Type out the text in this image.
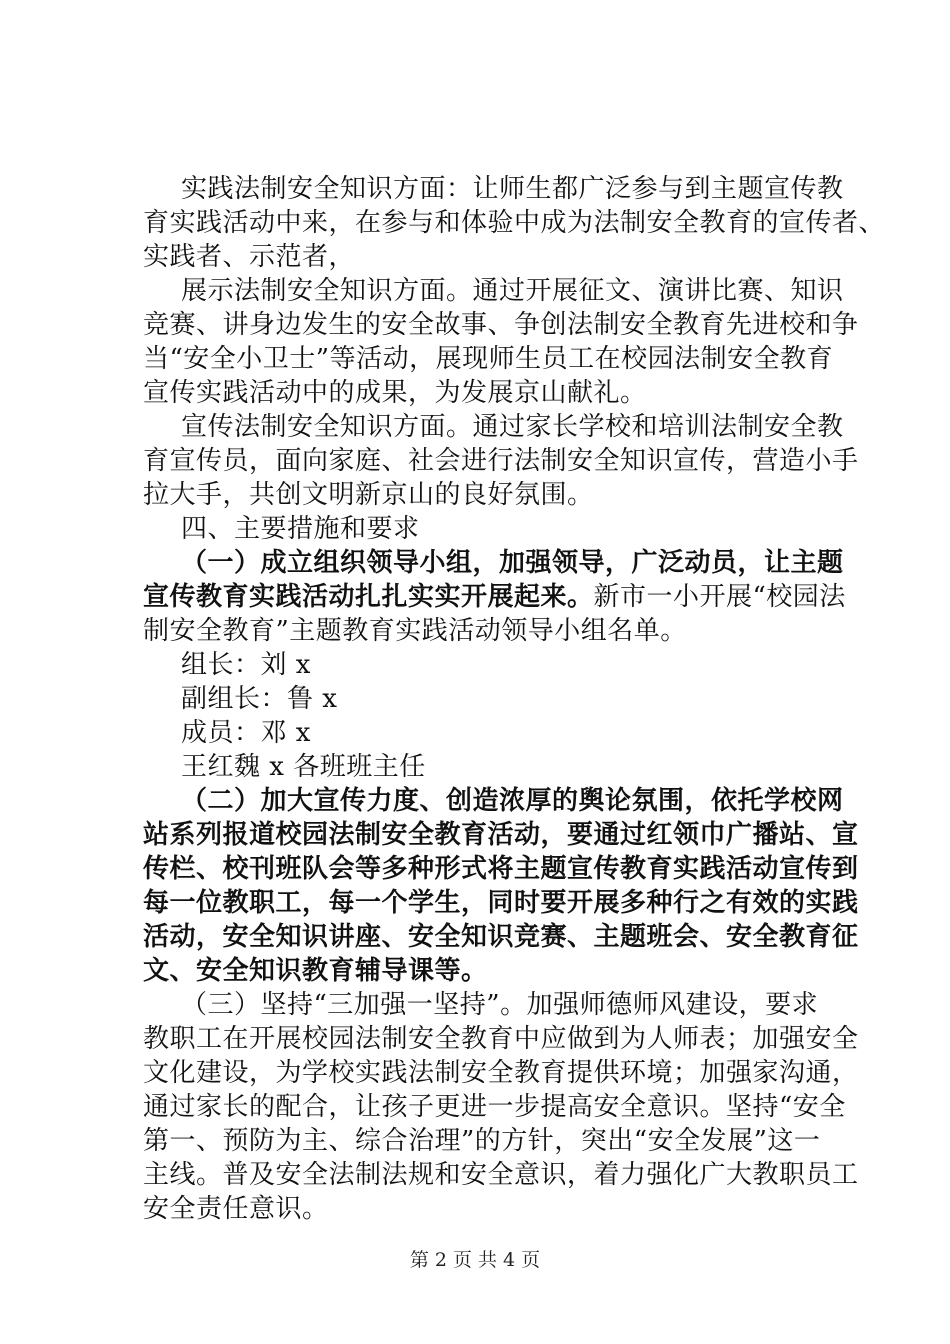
实践法制安全知识方面：让师生都广泛参与到主题宣传教
育实践活动中来，在参与和体验中成为法制安全教育的宣传者、
实践者、示范者，
展示法制安全知识方面。通过开展征文、演讲比赛、知识
竞赛、讲身边发生的安全故事、争创法制安全教育先进校和争
当“安全小卫士”等活动，展现师生员工在校园法制安全教育
宣传实践活动中的成果，为发展京山献礼。
宣传法制安全知识方面。通过家长学校和培训法制安全教
育宣传员，面向家庭、社会进行法制安全知识宣传，营造小手
拉大手，共创文明新京山的良好氛围。
四、主要措施和要求
（一）成立组织领导小组，加强领导，广泛动员，让主题
宣传教育实践活动扎扎实实开展起来。新市一小开展“校园法
制安全教育”主题教育实践活动领导小组名单。
组长：刘 x
副组长：鲁 x
成员：邓 x
王红魏 x 各班班主任
（二）加大宣传力度、创造浓厚的舆论氛围，依托学校网
站系列报道校园法制安全教育活动，要通过红领巾广播站、宣
传栏、校刊班队会等多种形式将主题宣传教育实践活动宣传到
每一位教职工，每一个学生，同时要开展多种行之有效的实践
活动，安全知识讲座、安全知识竞赛、主题班会、安全教育征
文、安全知识教育辅导课等。
（三）坚持“三加强一坚持”。加强师德师风建设，要求
教职工在开展校园法制安全教育中应做到为人师表；加强安全
文化建设，为学校实践法制安全教育提供环境；加强家沟通，
通过家长的配合，让孩子更进一步提高安全意识。坚持“安全
第一、预防为主、综合治理”的方针，突出“安全发展”这一
主线。普及安全法制法规和安全意识，着力强化广大教职员工
安全责任意识。
第 2 页 共 4 页
